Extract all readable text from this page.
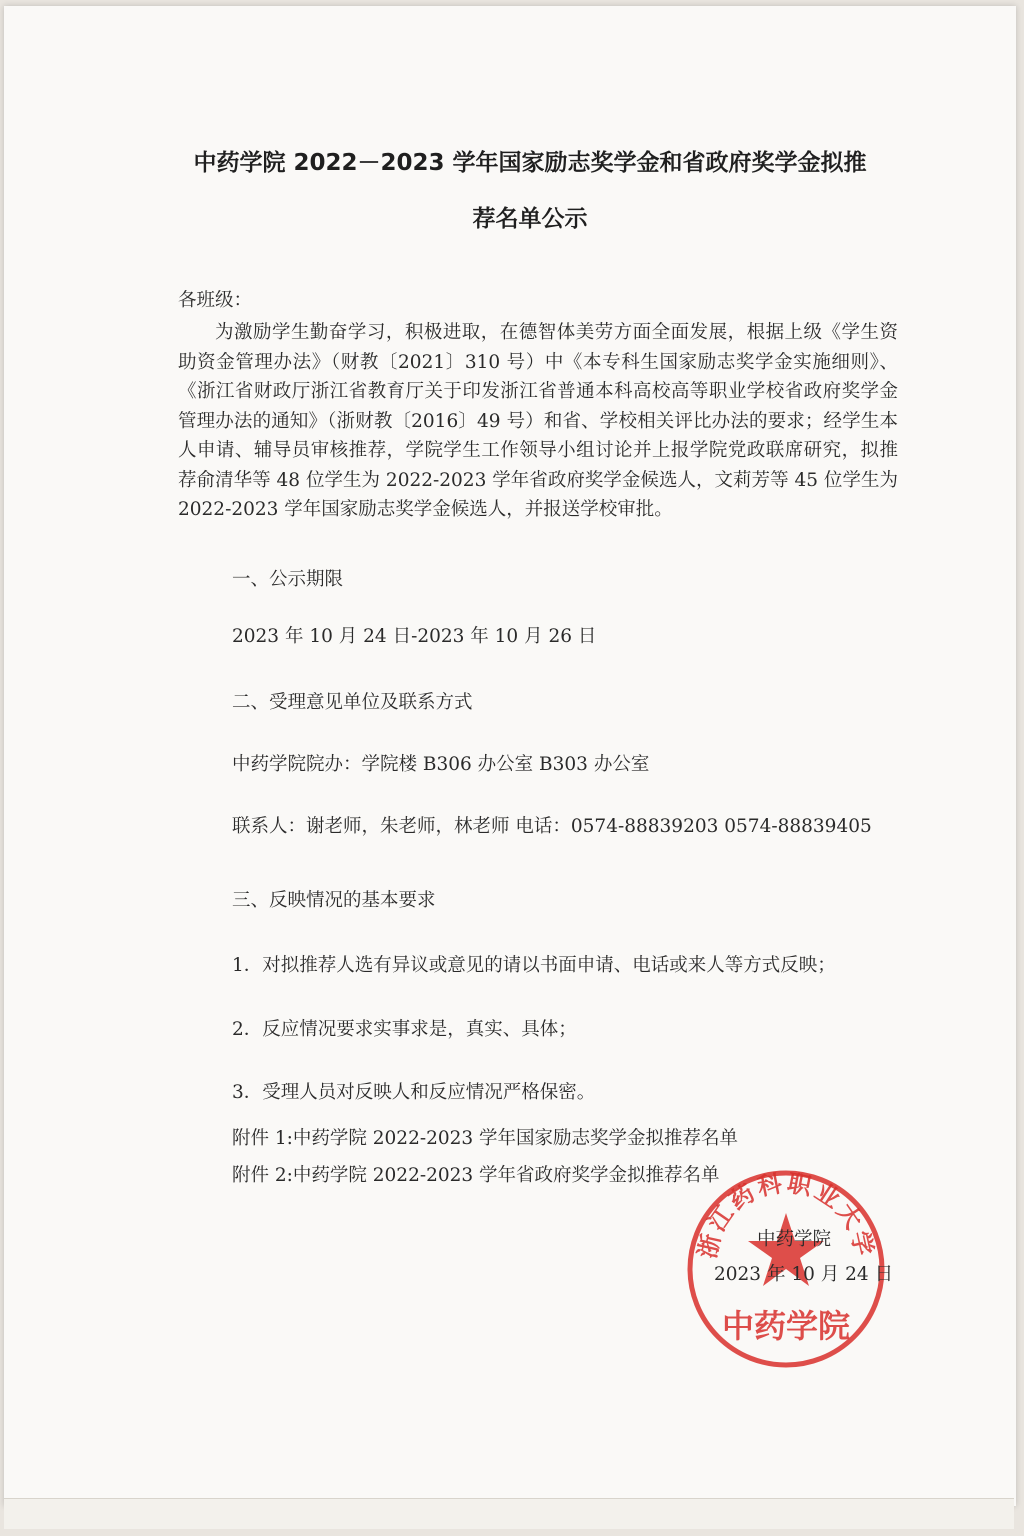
中药学院 2022－2023 学年国家励志奖学金和省政府奖学金拟推
荐名单公示
各班级：
为激励学生勤奋学习，积极进取，在德智体美劳方面全面发展，根据上级《学生资助资金管理办法》（财教〔2021〕310 号）中《本专科生国家励志奖学金实施细则》、《浙江省财政厅浙江省教育厅关于印发浙江省普通本科高校高等职业学校省政府奖学金管理办法的通知》（浙财教〔2016〕49 号）和省、学校相关评比办法的要求；经学生本人申请、辅导员审核推荐，学院学生工作领导小组讨论并上报学院党政联席研究，拟推荐俞清华等 48 位学生为 2022-2023 学年省政府奖学金候选人，文莉芳等 45 位学生为 2022-2023 学年国家励志奖学金候选人，并报送学校审批。
一、公示期限
2023 年 10 月 24 日-2023 年 10 月 26 日
二、受理意见单位及联系方式
中药学院院办：学院楼 B306 办公室 B303 办公室
联系人：谢老师，朱老师，林老师 电话：0574-88839203 0574-88839405
三、反映情况的基本要求
1．对拟推荐人选有异议或意见的请以书面申请、电话或来人等方式反映；
2．反应情况要求实事求是，真实、具体；
3．受理人员对反映人和反应情况严格保密。
附件 1:中药学院 2022-2023 学年国家励志奖学金拟推荐名单
附件 2:中药学院 2022-2023 学年省政府奖学金拟推荐名单
浙江药科职业大学
中药学院
中药学院
2023 年 10 月 24 日
